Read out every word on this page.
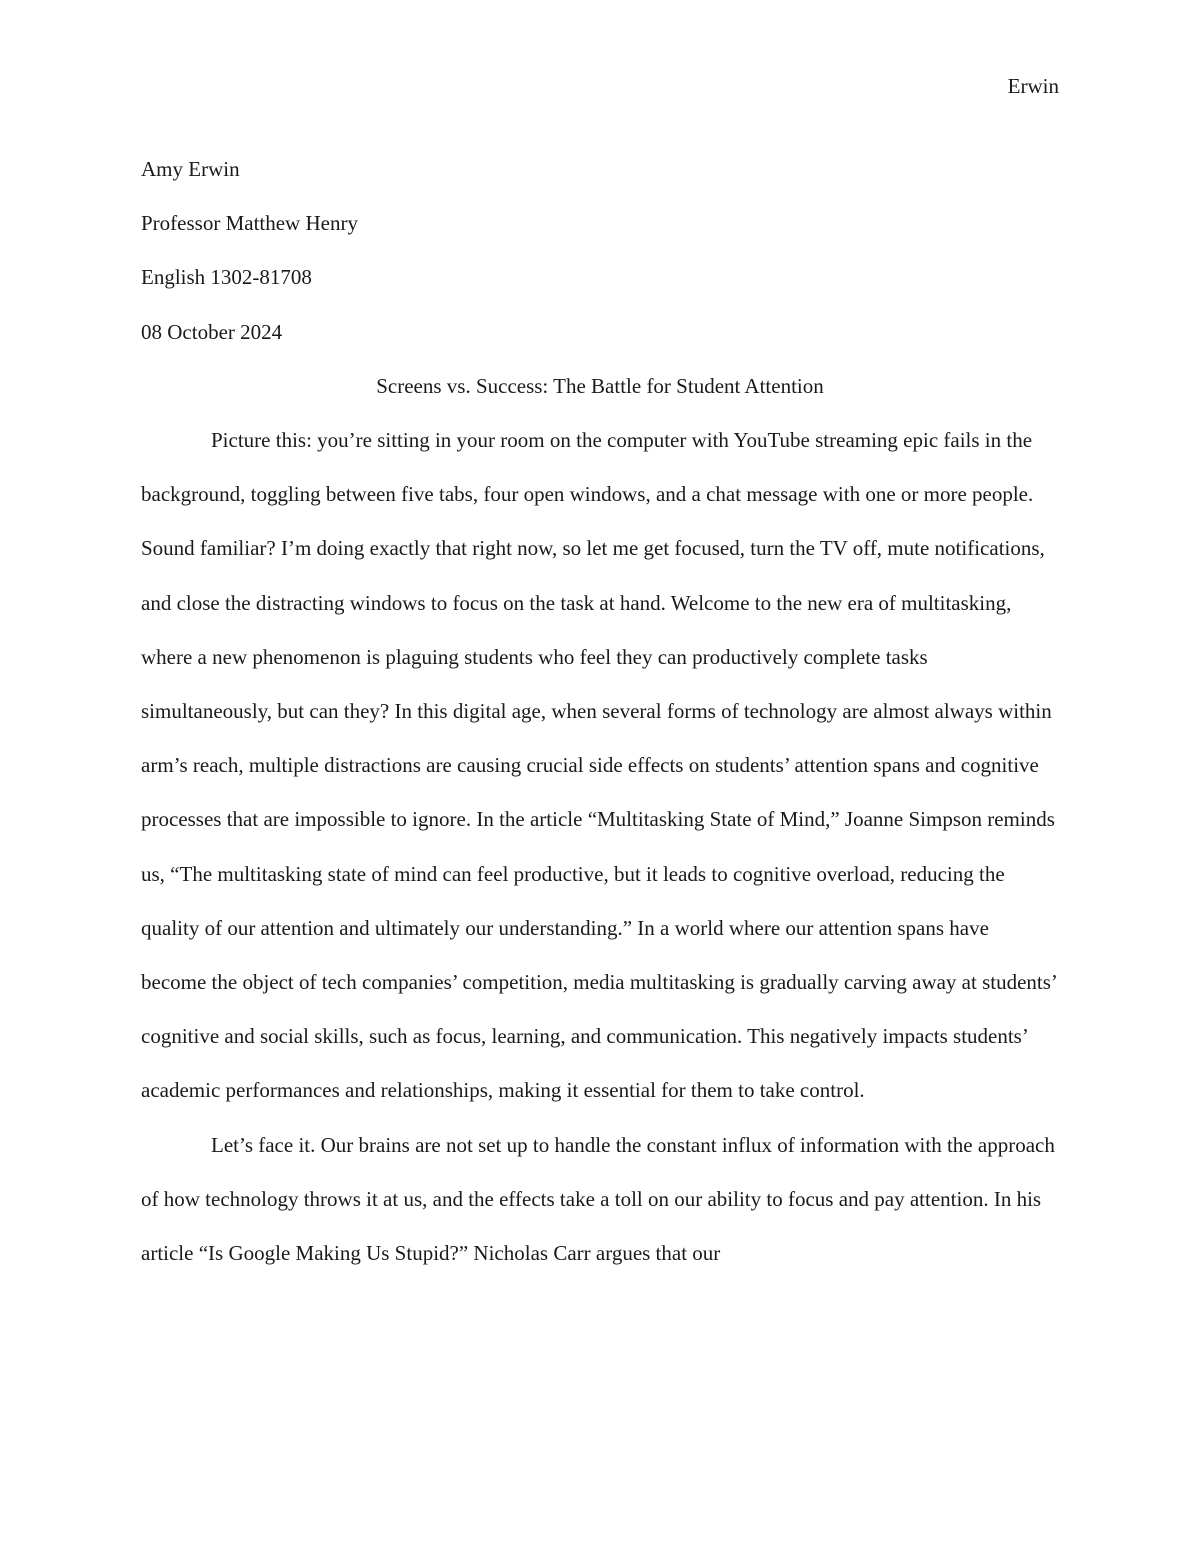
Erwin

Amy Erwin

Professor Matthew Henry

English 1302-81708

08 October 2024

Screens vs. Success: The Battle for Student Attention

Picture this: you’re sitting in your room on the computer with YouTube streaming epic fails in the background, toggling between five tabs, four open windows, and a chat message with one or more people. Sound familiar? I’m doing exactly that right now, so let me get focused, turn the TV off, mute notifications, and close the distracting windows to focus on the task at hand. Welcome to the new era of multitasking, where a new phenomenon is plaguing students who feel they can productively complete tasks simultaneously, but can they? In this digital age, when several forms of technology are almost always within arm’s reach, multiple distractions are causing crucial side effects on students’ attention spans and cognitive processes that are impossible to ignore. In the article “Multitasking State of Mind,” Joanne Simpson reminds us, “The multitasking state of mind can feel productive, but it leads to cognitive overload, reducing the quality of our attention and ultimately our understanding.” In a world where our attention spans have become the object of tech companies’ competition, media multitasking is gradually carving away at students’ cognitive and social skills, such as focus, learning, and communication. This negatively impacts students’ academic performances and relationships, making it essential for them to take control.

Let’s face it. Our brains are not set up to handle the constant influx of information with the approach of how technology throws it at us, and the effects take a toll on our ability to focus and pay attention. In his article “Is Google Making Us Stupid?” Nicholas Carr argues that our
